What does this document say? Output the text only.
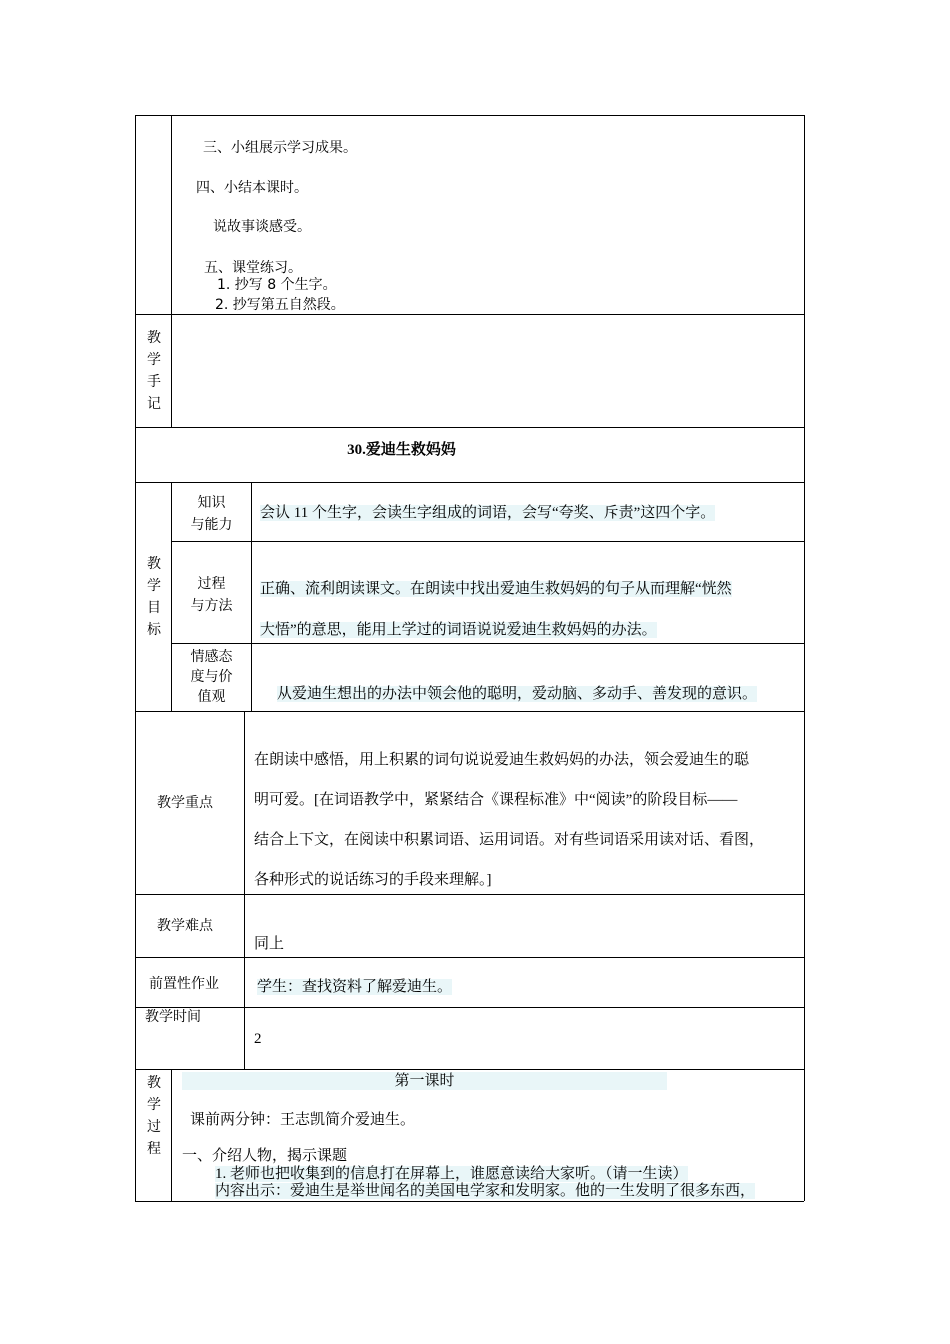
三、小组展示学习成果。
四、小结本课时。
说故事谈感受。
五、课堂练习。
1. 抄写 8 个生字。
2. 抄写第五自然段。
教
学
手
记
30.爱迪生救妈妈
教
学
目
标
知识
与能力
会认 11 个生字，会读生字组成的词语，会写“夸奖、斥责”这四个字。
过程
与方法
正确、流利朗读课文。在朗读中找出爱迪生救妈妈的句子从而理解“恍然
大悟”的意思，能用上学过的词语说说爱迪生救妈妈的办法。
情感态
度与价
值观	从爱迪生想出的办法中领会他的聪明，爱动脑、多动手、善发现的意识。
教学重点
在朗读中感悟，用上积累的词句说说爱迪生救妈妈的办法，领会爱迪生的聪
明可爱。[在词语教学中，紧紧结合《课程标准》中“阅读”的阶段目标——
结合上下文，在阅读中积累词语、运用词语。对有些词语采用读对话、看图，
各种形式的说话练习的手段来理解。]
教学难点
同上
前置性作业	学生：查找资料了解爱迪生。
教学时间
2
教
学
过
程
第一课时
课前两分钟：王志凯简介爱迪生。
一、介绍人物，揭示课题
1. 老师也把收集到的信息打在屏幕上，谁愿意读给大家听。（请一生读）
内容出示：爱迪生是举世闻名的美国电学家和发明家。他的一生发明了很多东西，
